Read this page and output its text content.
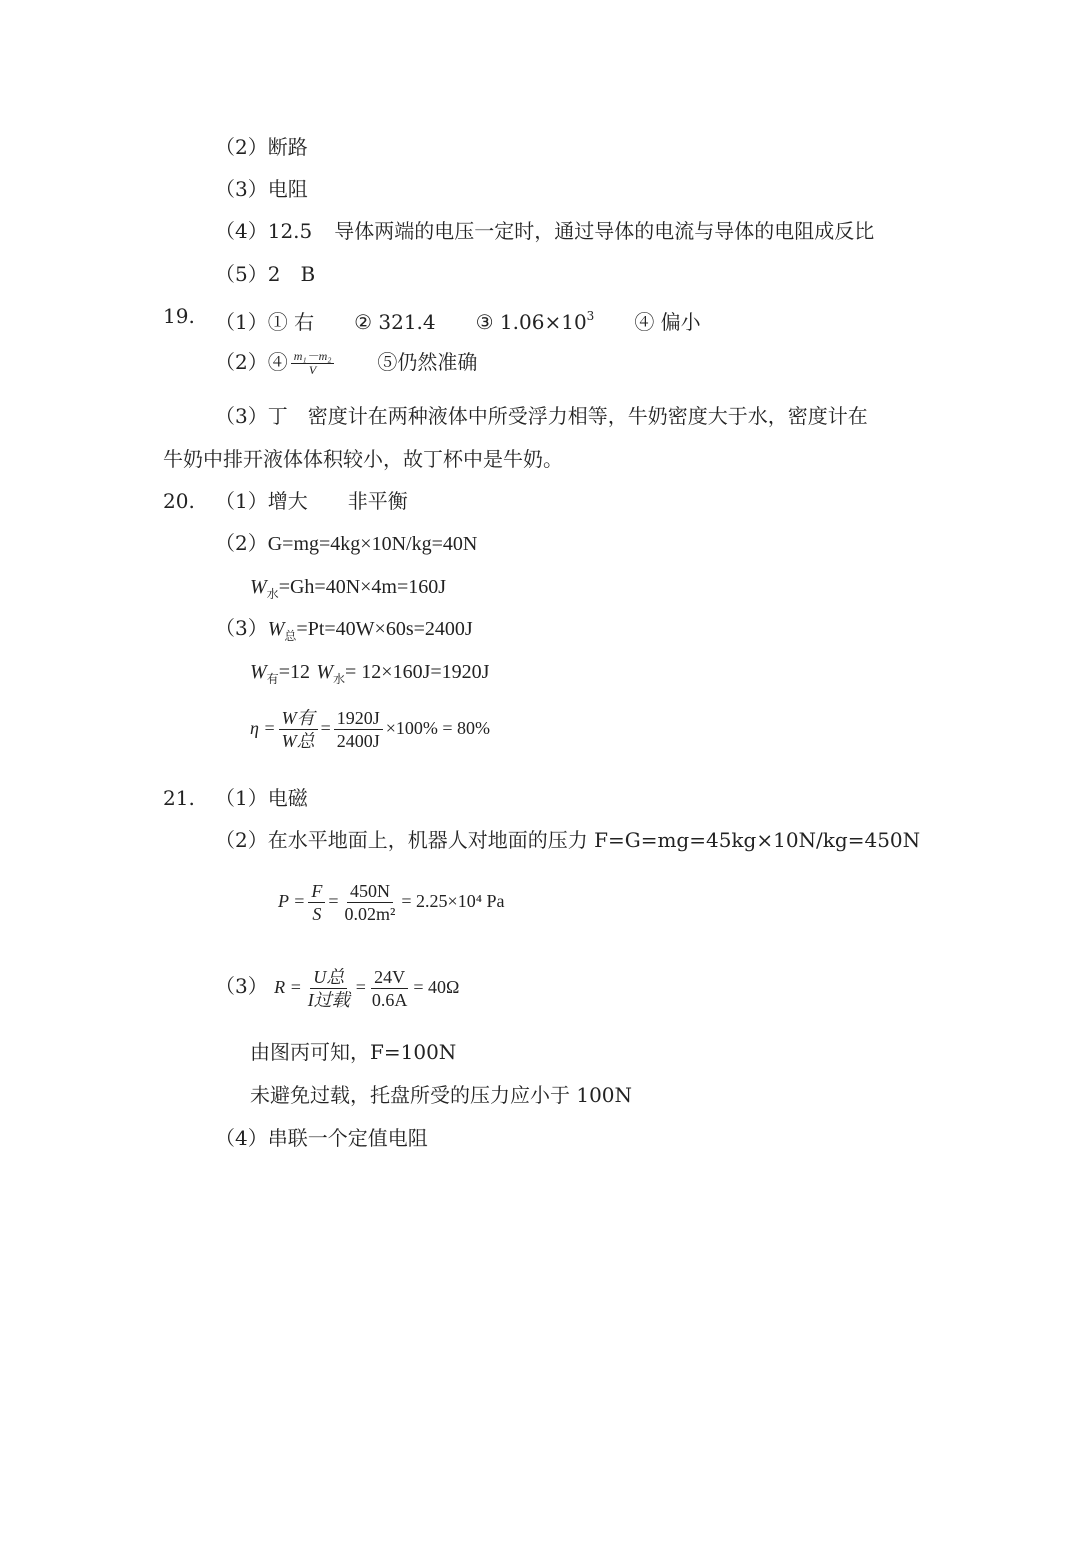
（2）断路
（3）电阻
（4）12.5 导体两端的电压一定时，通过导体的电流与导体的电阻成反比
（5）2　B
19. （1）① 右 ② 321.4 ③ $1.06\times 10^3$ ④ 偏小
（2）④ $\frac{\text{m₁－m₂}}{V}$ ⑤仍然准确
（3）丁　密度计在两种液体中所受浮力相等，牛奶密度大于水，密度计在
牛奶中排开液体体积较小，故丁杯中是牛奶。
20. （1）增大　　非平衡
（2）G=mg=4kg×10N/kg=40N
$W_水=Gh=40N\times 4m=160J$
$(3)W_总=Pt=40W\times 60s=2400J$
$W_有=12$ $W_水= 12\times 160J=1920J$
$\eta = \frac{\text{W有}}{\text{W总}} = \frac{1920J}{2400J} \times 100\% = 80\%$
21. （1）电磁
（2）在水平地面上，机器人对地面的压力 F=G=mg=45kg×10N/kg=450N
$P = \frac{F}{S} = \frac{450N}{\text{0.02m²}} = 2.25\times 10^4$ Pa
（3） $R = \frac{\text{U总}}{\text{I过载}} = \frac{24V}{0.6A} = 40\Omega$
由图丙可知，F=100N
未避免过载，托盘所受的压力应小于 100N
（4）串联一个定值电阻
